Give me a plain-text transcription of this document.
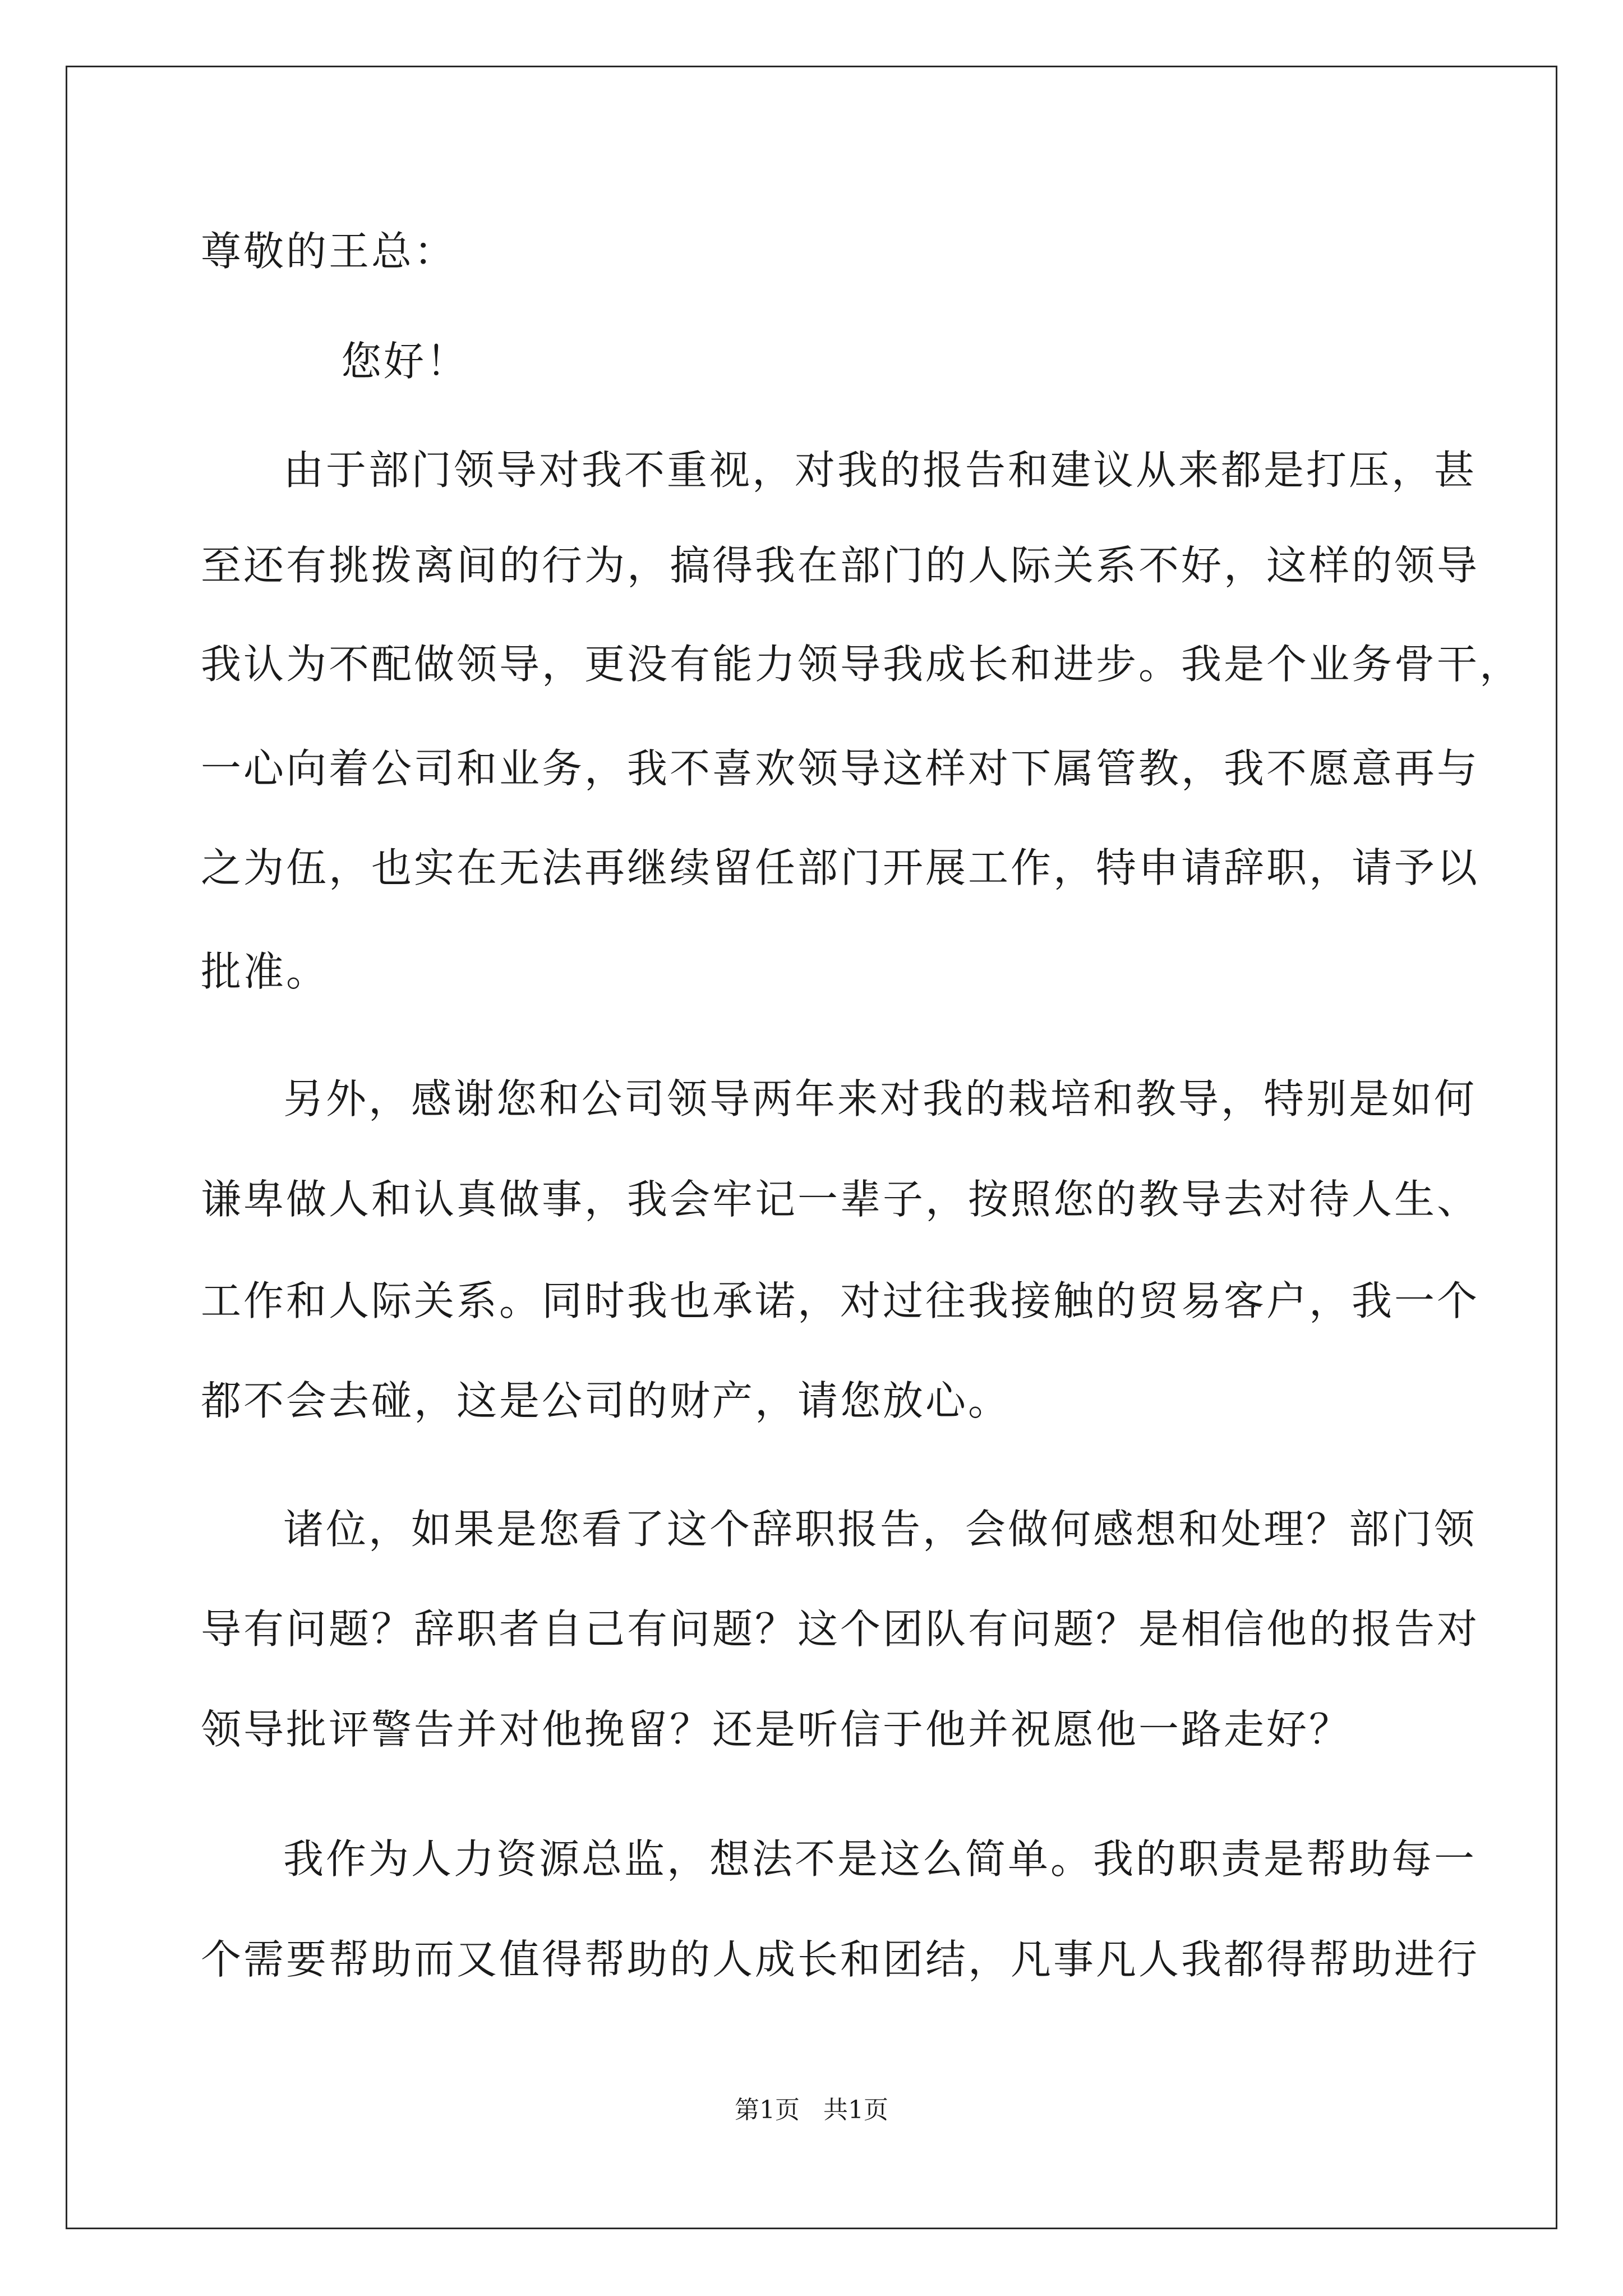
尊敬的王总：
您好！
由于部门领导对我不重视，对我的报告和建议从来都是打压，甚
至还有挑拨离间的行为，搞得我在部门的人际关系不好，这样的领导
我认为不配做领导，更没有能力领导我成长和进步。我是个业务骨干，
一心向着公司和业务，我不喜欢领导这样对下属管教，我不愿意再与
之为伍，也实在无法再继续留任部门开展工作，特申请辞职，请予以
批准。
另外，感谢您和公司领导两年来对我的栽培和教导，特别是如何
谦卑做人和认真做事，我会牢记一辈子，按照您的教导去对待人生、
工作和人际关系。同时我也承诺，对过往我接触的贸易客户，我一个
都不会去碰，这是公司的财产，请您放心。
诸位，如果是您看了这个辞职报告，会做何感想和处理？部门领
导有问题？辞职者自己有问题？这个团队有问题？是相信他的报告对
领导批评警告并对他挽留？还是听信于他并祝愿他一路走好？
我作为人力资源总监，想法不是这么简单。我的职责是帮助每一
个需要帮助而又值得帮助的人成长和团结，凡事凡人我都得帮助进行
第1页   共1页
